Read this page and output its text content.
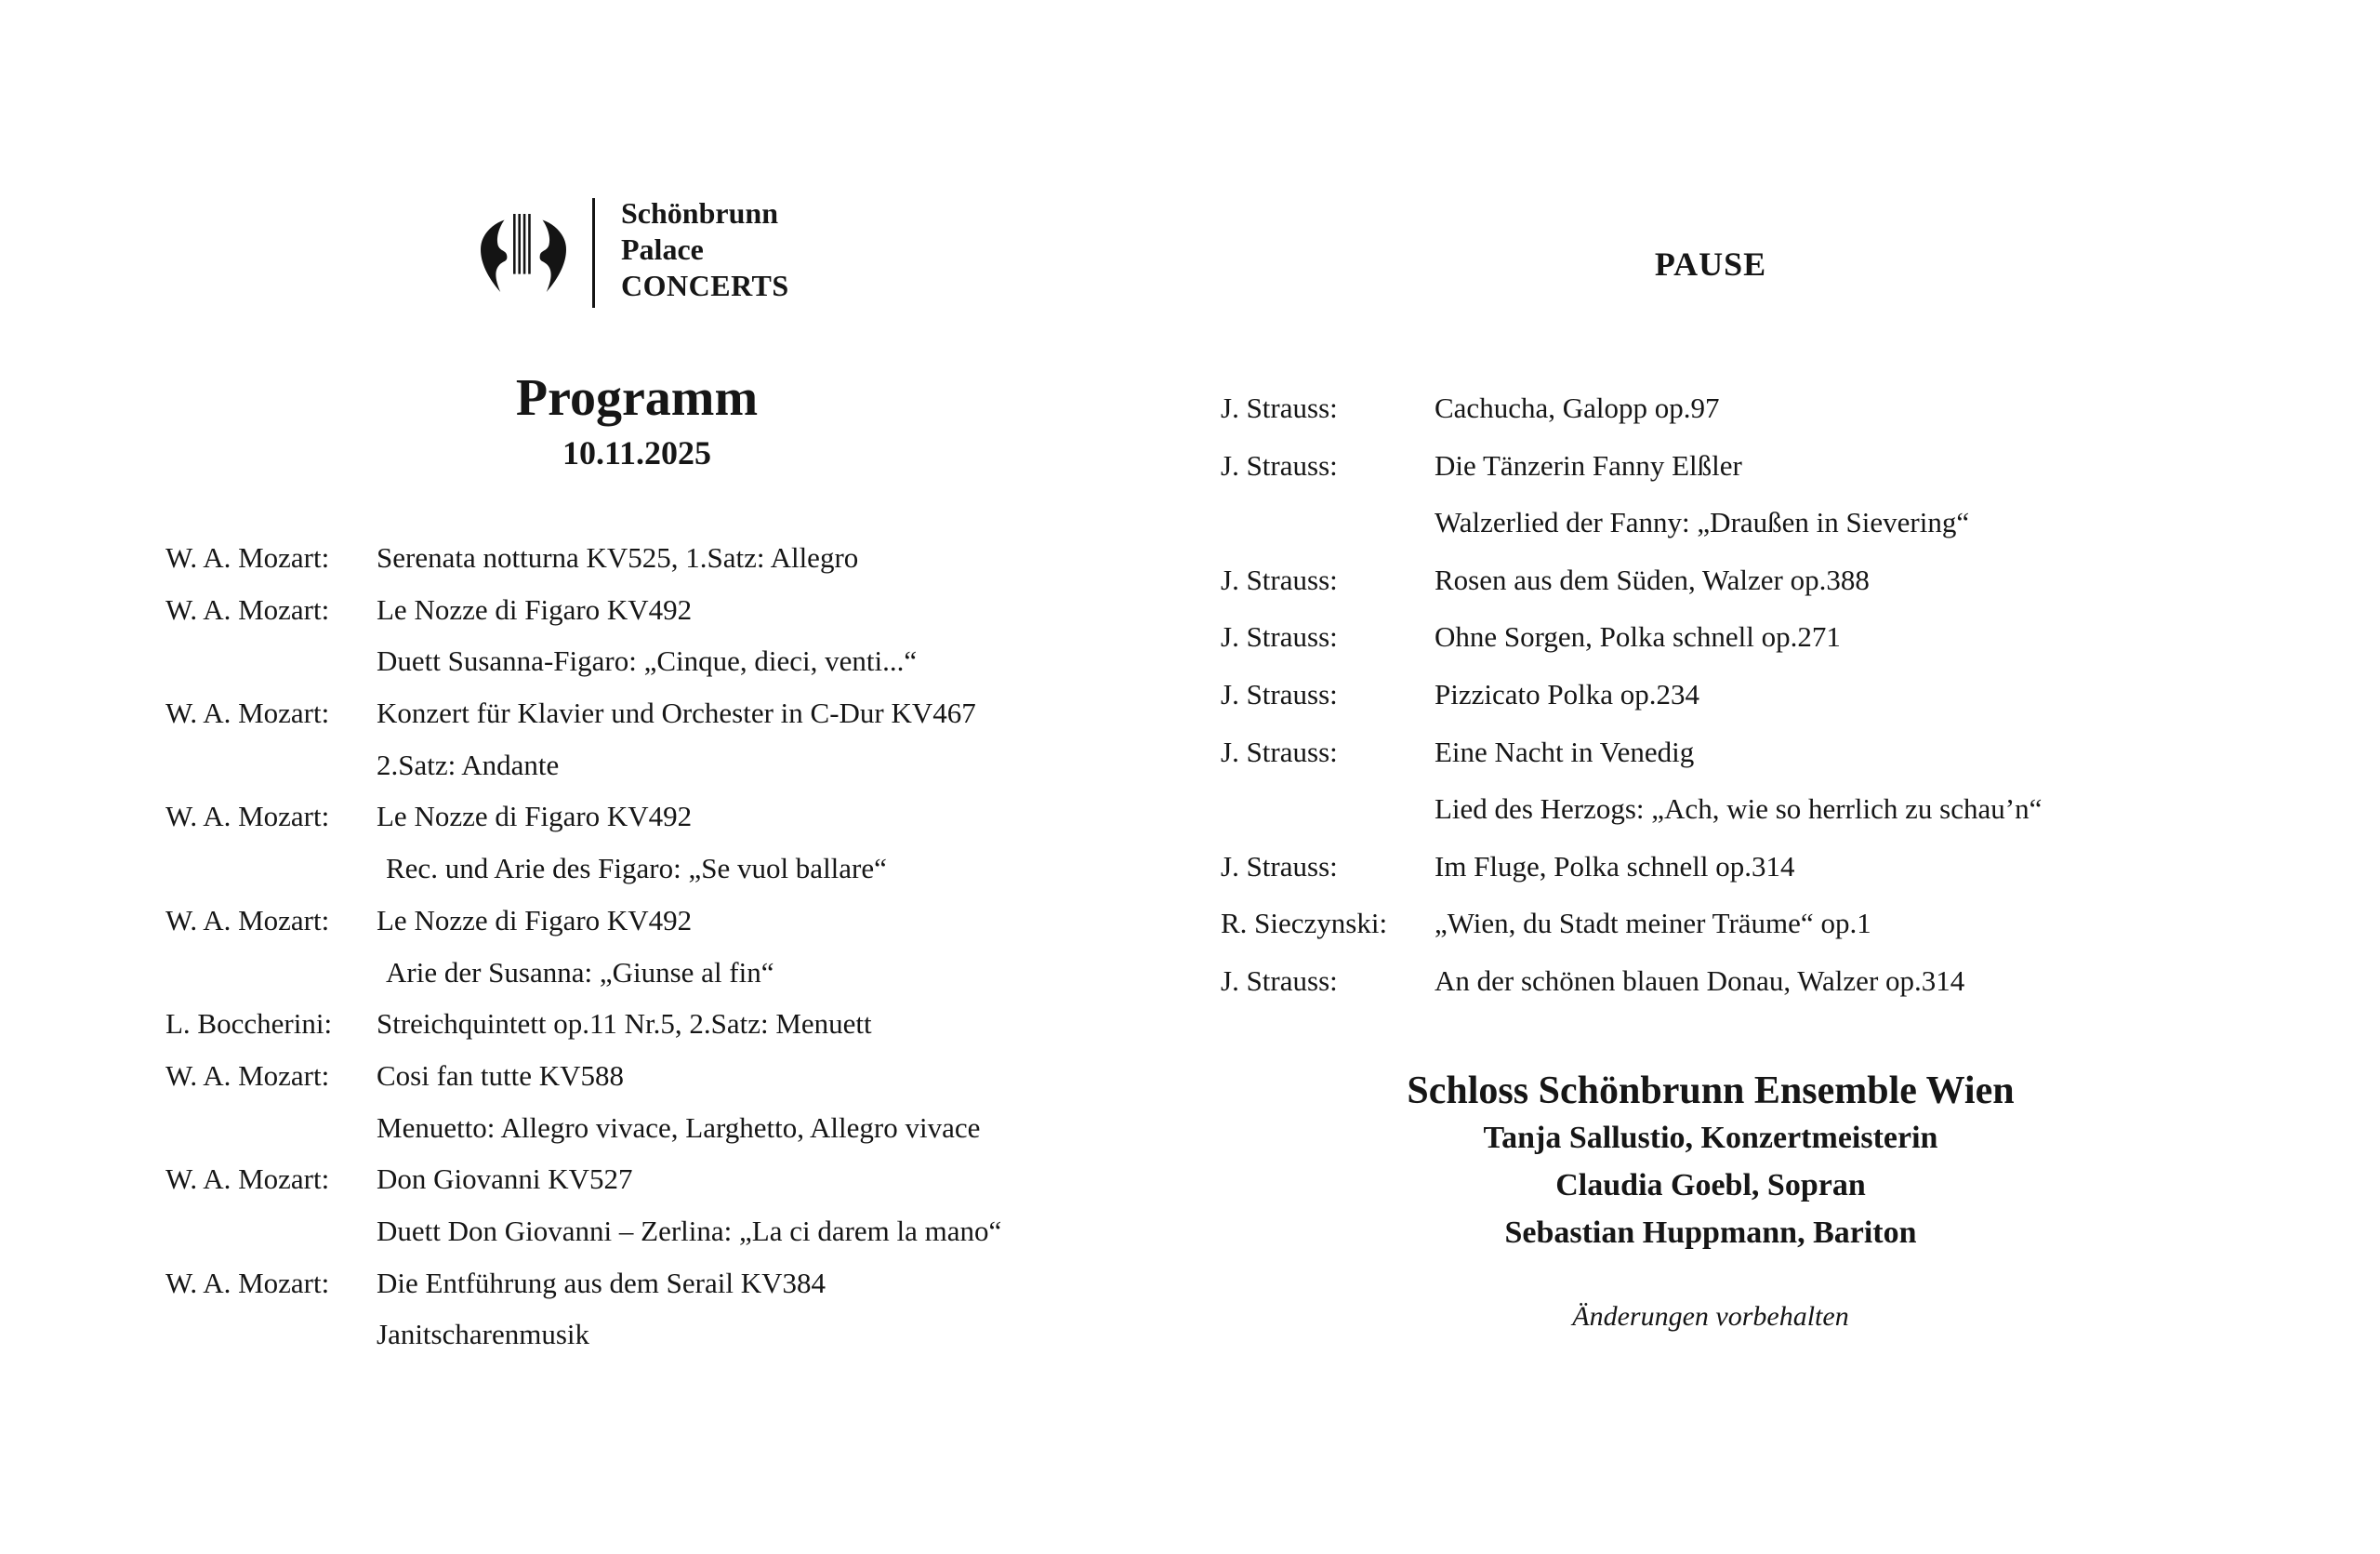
Schönbrunn
Palace
CONCERTS
Programm
10.11.2025
W. A. Mozart:	Serenata notturna KV525, 1.Satz: Allegro
W. A. Mozart:	Le Nozze di Figaro KV492
Duett Susanna-Figaro: „Cinque, dieci, venti...“
W. A. Mozart:	Konzert für Klavier und Orchester in C-Dur KV467
2.Satz: Andante
W. A. Mozart:	Le Nozze di Figaro KV492
Rec. und Arie des Figaro: „Se vuol ballare“
W. A. Mozart:	Le Nozze di Figaro KV492
Arie der Susanna: „Giunse al fin“
L. Boccherini:	Streichquintett op.11 Nr.5, 2.Satz: Menuett
W. A. Mozart:	Cosi fan tutte KV588
Menuetto: Allegro vivace, Larghetto, Allegro vivace
W. A. Mozart:	Don Giovanni KV527
Duett Don Giovanni – Zerlina: „La ci darem la mano“
W. A. Mozart:	Die Entführung aus dem Serail KV384
Janitscharenmusik
PAUSE
J. Strauss:	Cachucha, Galopp op.97
J. Strauss:	Die Tänzerin Fanny Elßler
Walzerlied der Fanny: „Draußen in Sievering“
J. Strauss:	Rosen aus dem Süden, Walzer op.388
J. Strauss:	Ohne Sorgen, Polka schnell op.271
J. Strauss:	Pizzicato Polka op.234
J. Strauss:	Eine Nacht in Venedig
Lied des Herzogs: „Ach, wie so herrlich zu schau’n“
J. Strauss:	Im Fluge, Polka schnell op.314
R. Sieczynski:	„Wien, du Stadt meiner Träume“ op.1
J. Strauss:	An der schönen blauen Donau, Walzer op.314
Schloss Schönbrunn Ensemble Wien
Tanja Sallustio, Konzertmeisterin
Claudia Goebl, Sopran
Sebastian Huppmann, Bariton
Änderungen vorbehalten
